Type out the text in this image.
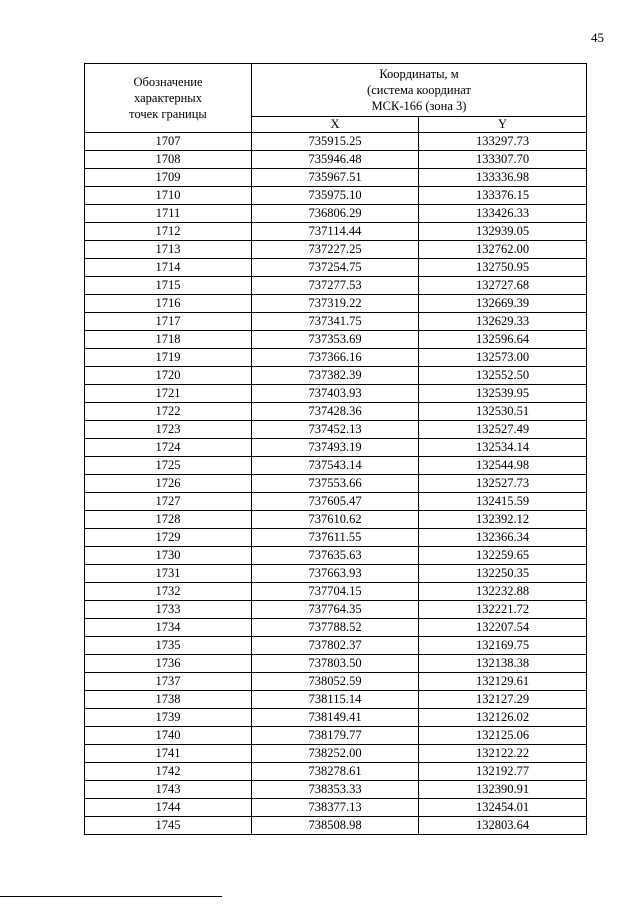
45
Обозначение
характерных
точек границы	Координаты, м
(система координат
МСК-166 (зона 3)	

	X	Y
1707	735915.25	133297.73
1708	735946.48	133307.70
1709	735967.51	133336.98
1710	735975.10	133376.15
1711	736806.29	133426.33
1712	737114.44	132939.05
1713	737227.25	132762.00
1714	737254.75	132750.95
1715	737277.53	132727.68
1716	737319.22	132669.39
1717	737341.75	132629.33
1718	737353.69	132596.64
1719	737366.16	132573.00
1720	737382.39	132552.50
1721	737403.93	132539.95
1722	737428.36	132530.51
1723	737452.13	132527.49
1724	737493.19	132534.14
1725	737543.14	132544.98
1726	737553.66	132527.73
1727	737605.47	132415.59
1728	737610.62	132392.12
1729	737611.55	132366.34
1730	737635.63	132259.65
1731	737663.93	132250.35
1732	737704.15	132232.88
1733	737764.35	132221.72
1734	737788.52	132207.54
1735	737802.37	132169.75
1736	737803.50	132138.38
1737	738052.59	132129.61
1738	738115.14	132127.29
1739	738149.41	132126.02
1740	738179.77	132125.06
1741	738252.00	132122.22
1742	738278.61	132192.77
1743	738353.33	132390.91
1744	738377.13	132454.01
1745	738508.98	132803.64
